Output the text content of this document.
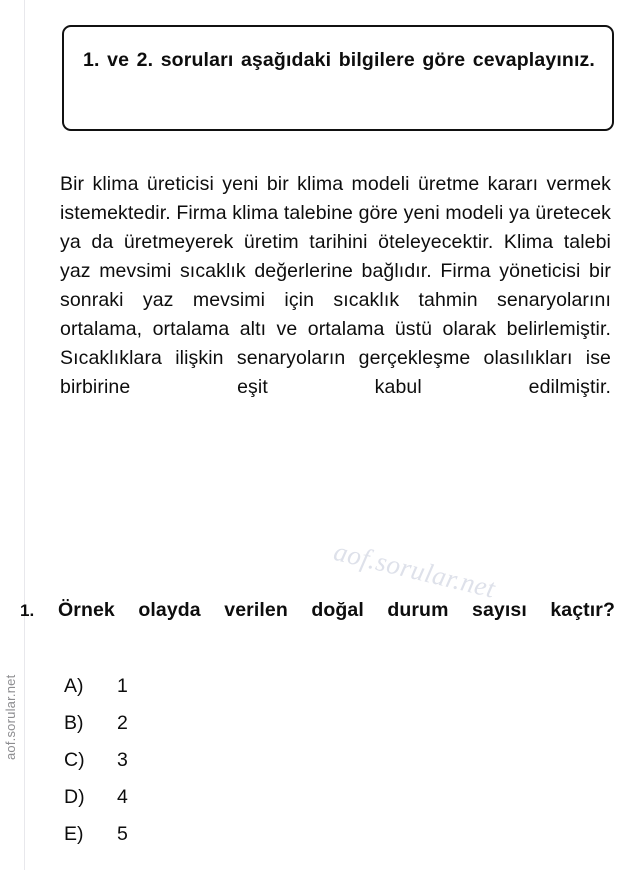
aof.sorular.net
1. ve 2. soruları aşağıdaki bilgilere göre cevaplayınız.
Bir klima üreticisi yeni bir klima modeli üretme kararı vermek istemektedir. Firma klima talebine göre yeni modeli ya üretecek ya da üretmeyerek üretim tarihini öteleyecektir. Klima talebi yaz mevsimi sıcaklık değerlerine bağlıdır. Firma yöneticisi bir sonraki yaz mevsimi için sıcaklık tahmin senaryolarını ortalama, ortalama altı ve ortalama üstü olarak belirlemiştir. Sıcaklıklara ilişkin senaryoların gerçekleşme olasılıkları ise birbirine eşit kabul edilmiştir.
aof.sorular.net
1.	Örnek olayda verilen doğal durum sayısı kaçtır?
A)	1
B)	2
C)	3
D)	4
E)	5
